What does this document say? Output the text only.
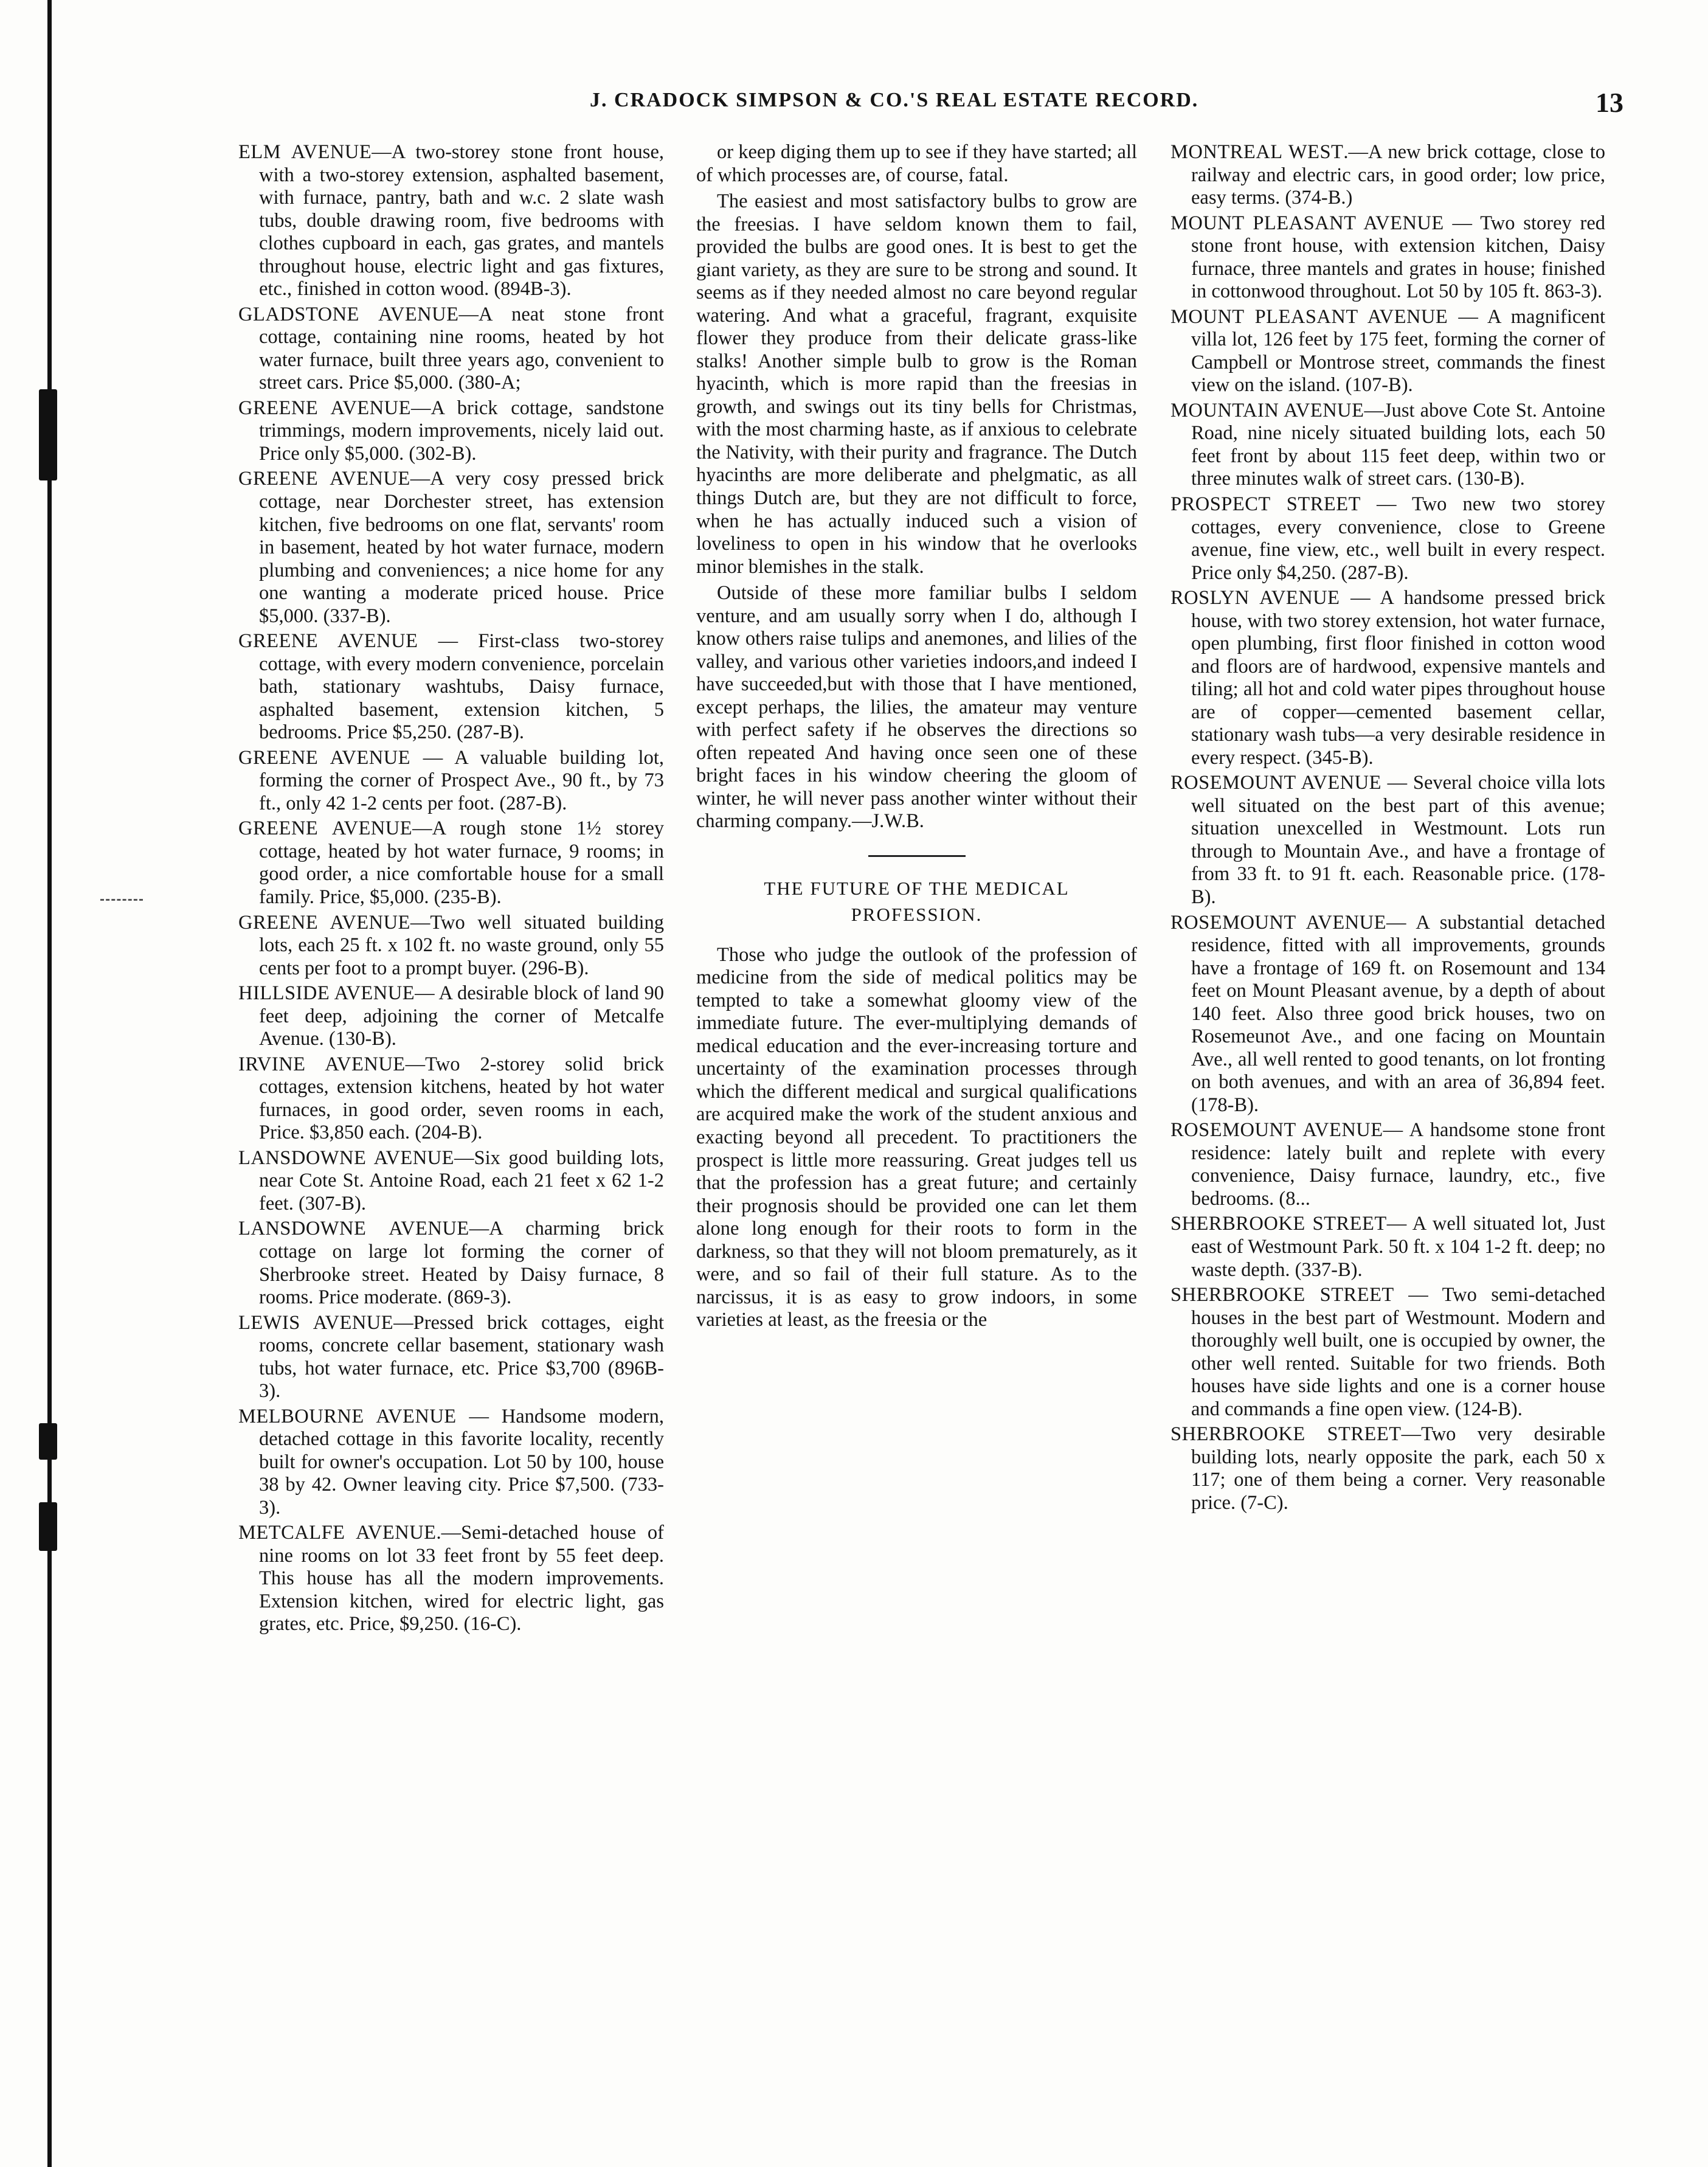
J. CRADOCK SIMPSON & CO.'S REAL ESTATE RECORD.	13

ELM AVENUE—A two-storey stone front house, with a two-storey extension, asphalted basement, with furnace, pantry, bath and w.c. 2 slate wash tubs, double drawing room, five bedrooms with clothes cupboard in each, gas grates, and mantels throughout house, electric light and gas fixtures, etc., finished in cotton wood. (894B-3).

GLADSTONE AVENUE—A neat stone front cottage, containing nine rooms, heated by hot water furnace, built three years ago, convenient to street cars. Price $5,000. (380-A;

GREENE AVENUE—A brick cottage, sandstone trimmings, modern improvements, nicely laid out. Price only $5,000. (302-B).

GREENE AVENUE—A very cosy pressed brick cottage, near Dorchester street, has extension kitchen, five bedrooms on one flat, servants' room in basement, heated by hot water furnace, modern plumbing and conveniences; a nice home for any one wanting a moderate priced house. Price $5,000. (337-B).

GREENE AVENUE — First-class two-storey cottage, with every modern convenience, porcelain bath, stationary washtubs, Daisy furnace, asphalted basement, extension kitchen, 5 bedrooms. Price $5,250. (287-B).

GREENE AVENUE — A valuable building lot, forming the corner of Prospect Ave., 90 ft., by 73 ft., only 42 1-2 cents per foot. (287-B).

GREENE AVENUE—A rough stone 1½ storey cottage, heated by hot water furnace, 9 rooms; in good order, a nice comfortable house for a small family. Price, $5,000. (235-B).

GREENE AVENUE—Two well situated building lots, each 25 ft. x 102 ft. no waste ground, only 55 cents per foot to a prompt buyer. (296-B).

HILLSIDE AVENUE— A desirable block of land 90 feet deep, adjoining the corner of Metcalfe Avenue. (130-B).

IRVINE AVENUE—Two 2-storey solid brick cottages, extension kitchens, heated by hot water furnaces, in good order, seven rooms in each, Price. $3,850 each. (204-B).

LANSDOWNE AVENUE—Six good building lots, near Cote St. Antoine Road, each 21 feet x 62 1-2 feet. (307-B).

LANSDOWNE AVENUE—A charming brick cottage on large lot forming the corner of Sherbrooke street. Heated by Daisy furnace, 8 rooms. Price moderate. (869-3).

LEWIS AVENUE—Pressed brick cottages, eight rooms, concrete cellar basement, stationary wash tubs, hot water furnace, etc. Price $3,700 (896B-3).

MELBOURNE AVENUE — Handsome modern, detached cottage in this favorite locality, recently built for owner's occupation. Lot 50 by 100, house 38 by 42. Owner leaving city. Price $7,500. (733-3).

METCALFE AVENUE.—Semi-detached house of nine rooms on lot 33 feet front by 55 feet deep. This house has all the modern improvements. Extension kitchen, wired for electric light, gas grates, etc. Price, $9,250. (16-C).

or keep diging them up to see if they have started; all of which processes are, of course, fatal.

The easiest and most satisfactory bulbs to grow are the freesias. I have seldom known them to fail, provided the bulbs are good ones. It is best to get the giant variety, as they are sure to be strong and sound. It seems as if they needed almost no care beyond regular watering. And what a graceful, fragrant, exquisite flower they produce from their delicate grass-like stalks! Another simple bulb to grow is the Roman hyacinth, which is more rapid than the freesias in growth, and swings out its tiny bells for Christmas, with the most charming haste, as if anxious to celebrate the Nativity, with their purity and fragrance. The Dutch hyacinths are more deliberate and phelgmatic, as all things Dutch are, but they are not difficult to force, when he has actually induced such a vision of loveliness to open in his window that he overlooks minor blemishes in the stalk.

Outside of these more familiar bulbs I seldom venture, and am usually sorry when I do, although I know others raise tulips and anemones, and lilies of the valley, and various other varieties indoors,and indeed I have succeeded,but with those that I have mentioned, except perhaps, the lilies, the amateur may venture with perfect safety if he observes the directions so often repeated And having once seen one of these bright faces in his window cheering the gloom of winter, he will never pass another winter without their charming company.—J.W.B.

THE FUTURE OF THE MEDICAL
PROFESSION.

Those who judge the outlook of the profession of medicine from the side of medical politics may be tempted to take a somewhat gloomy view of the immediate future. The ever-multiplying demands of medical education and the ever-increasing torture and uncertainty of the examination processes through which the different medical and surgical qualifications are acquired make the work of the student anxious and exacting beyond all precedent. To practitioners the prospect is little more reassuring. Great judges tell us that the profession has a great future; and certainly their prognosis should be provided one can let them alone long enough for their roots to form in the darkness, so that they will not bloom prematurely, as it were, and so fail of their full stature. As to the narcissus, it is as easy to grow indoors, in some varieties at least, as the freesia or the

MONTREAL WEST.—A new brick cottage, close to railway and electric cars, in good order; low price, easy terms. (374-B.)

MOUNT PLEASANT AVENUE — Two storey red stone front house, with extension kitchen, Daisy furnace, three mantels and grates in house; finished in cottonwood throughout. Lot 50 by 105 ft. 863-3).

MOUNT PLEASANT AVENUE — A magnificent villa lot, 126 feet by 175 feet, forming the corner of Campbell or Montrose street, commands the finest view on the island. (107-B).

MOUNTAIN AVENUE—Just above Cote St. Antoine Road, nine nicely situated building lots, each 50 feet front by about 115 feet deep, within two or three minutes walk of street cars. (130-B).

PROSPECT STREET — Two new two storey cottages, every convenience, close to Greene avenue, fine view, etc., well built in every respect. Price only $4,250. (287-B).

ROSLYN AVENUE — A handsome pressed brick house, with two storey extension, hot water furnace, open plumbing, first floor finished in cotton wood and floors are of hardwood, expensive mantels and tiling; all hot and cold water pipes throughout house are of copper—cemented basement cellar, stationary wash tubs—a very desirable residence in every respect. (345-B).

ROSEMOUNT AVENUE — Several choice villa lots well situated on the best part of this avenue; situation unexcelled in Westmount. Lots run through to Mountain Ave., and have a frontage of from 33 ft. to 91 ft. each. Reasonable price. (178-B).

ROSEMOUNT AVENUE— A substantial detached residence, fitted with all improvements, grounds have a frontage of 169 ft. on Rosemount and 134 feet on Mount Pleasant avenue, by a depth of about 140 feet. Also three good brick houses, two on Rosemeunot Ave., and one facing on Mountain Ave., all well rented to good tenants, on lot fronting on both avenues, and with an area of 36,894 feet. (178-B).

ROSEMOUNT AVENUE— A handsome stone front residence: lately built and replete with every convenience, Daisy furnace, laundry, etc., five bedrooms. (8...

SHERBROOKE STREET— A well situated lot, Just east of Westmount Park. 50 ft. x 104 1-2 ft. deep; no waste depth. (337-B).

SHERBROOKE STREET — Two semi-detached houses in the best part of Westmount. Modern and thoroughly well built, one is occupied by owner, the other well rented. Suitable for two friends. Both houses have side lights and one is a corner house and commands a fine open view. (124-B).

SHERBROOKE STREET—Two very desirable building lots, nearly opposite the park, each 50 x 117; one of them being a corner. Very reasonable price. (7-C).
